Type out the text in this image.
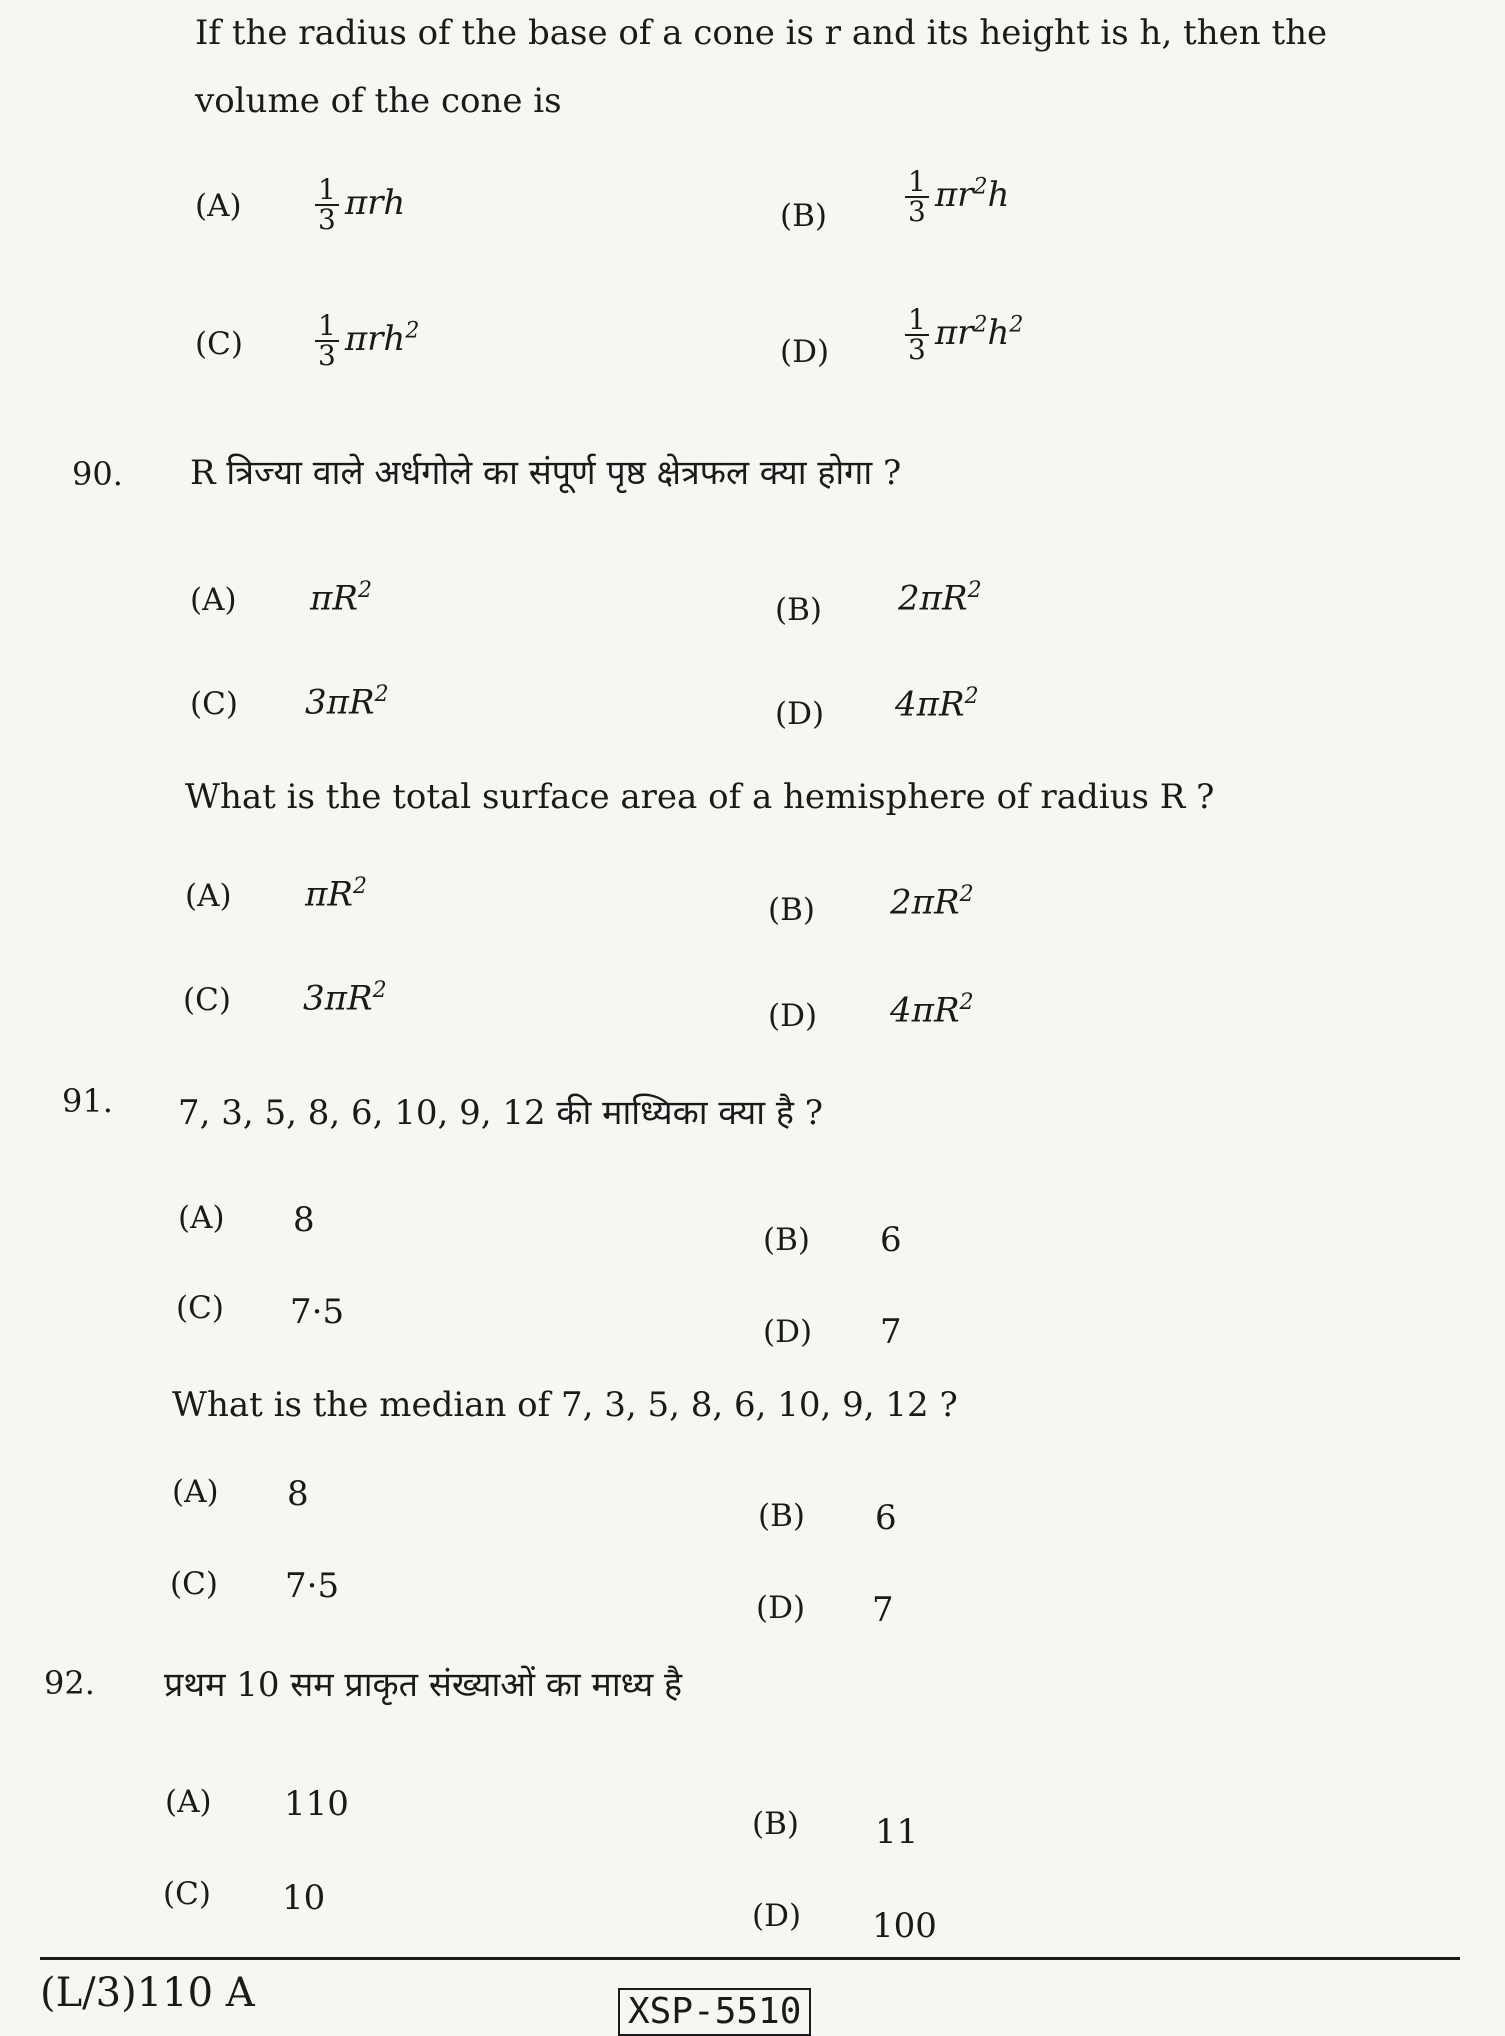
If the radius of the base of a cone is r and its height is h, then the
volume of the cone is
(A)	$\frac{1}{3}$ πrh	(B)	$\frac{1}{3} \pi r^2h$
(C)	$\frac{1}{3} \pi rh^2$
(D)	$\frac{1}{3} \pi r^2h^2$
90. R त्रिज्या वाले अर्धगोले का संपूर्ण पृष्ठ क्षेत्रफल क्या होगा ?
(A) $\pi R^2$
(B) $2\pi R^2$
(C) $3\pi R^2$
(D) $4\pi R^2$
What is the total surface area of a hemisphere of radius R ?
(A) $\pi R^2$
(B) $2\pi R^2$
(C) $3\pi R^2$
(D) $4\pi R^2$
91. 7, 3, 5, 8, 6, 10, 9, 12 की माध्यिका क्या है ?
(A) 8	(B) 6
(C) 7·5	(D) 7
What is the median of 7, 3, 5, 8, 6, 10, 9, 12 ?
(A) 8
(B) 6
(C) 7·5
(D) 7
92. प्रथम 10 सम प्राकृत संख्याओं का माध्य है
(A) 110	(B) 11
(C) 10	(D) 100
(L/3)110 A	XSP-5510
